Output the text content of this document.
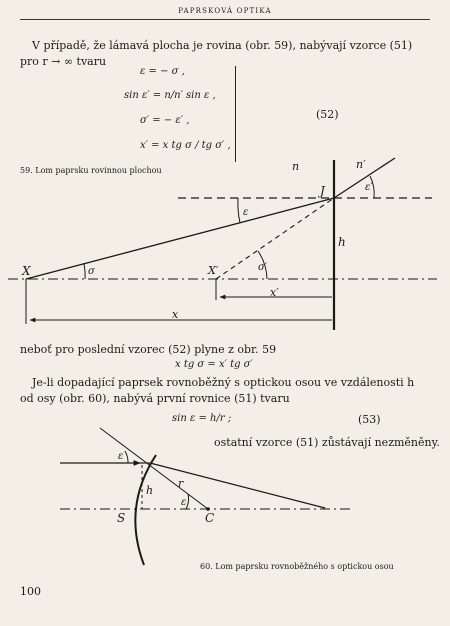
PAPRSKOVÁ OPTIKA
V případě, že lámavá plocha je rovina (obr. 59), nabývají vzorce (51) pro r → ∞ tvaru
ε = − σ ,
sin ε′ = n/n′ sin ε ,
σ′ = − ε′ ,
x′ = x tg σ / tg σ′ ,
(52)
59. Lom paprsku rovinnou plochou	n	n′
J
ε
ε′
h
X	σ	X′	σ′
x′
x
neboť pro poslední vzorec (52) plyne z obr. 59
x tg σ = x′ tg σ′
Je-li dopadající paprsek rovnoběžný s optickou osou ve vzdálenosti h od osy (obr. 60), nabývá první rovnice (51) tvaru
sin ε = h/r ;	(53)
ostatní vzorce (51) zůstávají nezměněny.
ε
h
r
ε
S	C
60. Lom paprsku rovnoběžného s optickou osou
100
